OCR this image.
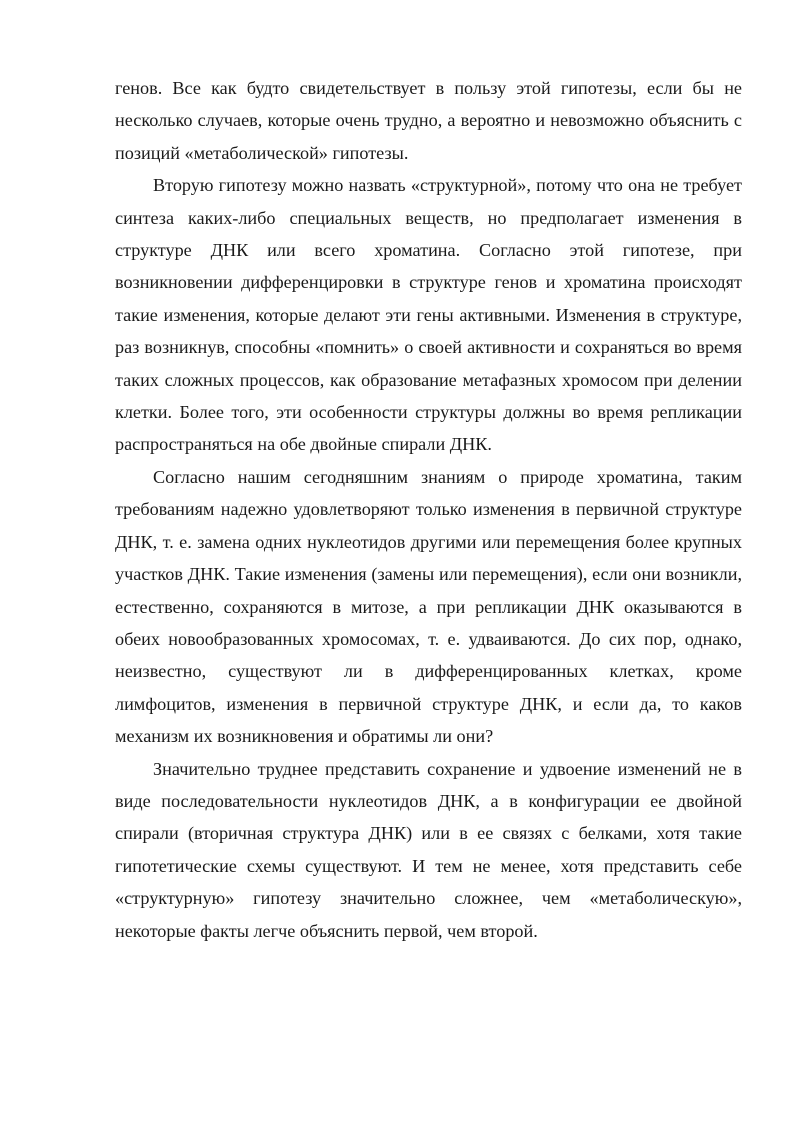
генов. Все как будто свидетельствует в пользу этой гипотезы, если бы не несколько случаев, которые очень трудно, а вероятно и невозможно объяснить с позиций «метаболической» гипотезы.

Вторую гипотезу можно назвать «структурной», потому что она не требует синтеза каких-либо специальных веществ, но предполагает изменения в структуре ДНК или всего хроматина. Согласно этой гипотезе, при возникновении дифференцировки в структуре генов и хроматина происходят такие изменения, которые делают эти гены активными. Изменения в структуре, раз возникнув, способны «помнить» о своей активности и сохраняться во время таких сложных процессов, как образование метафазных хромосом при делении клетки. Более того, эти особенности структуры должны во время репликации распространяться на обе двойные спирали ДНК.

Согласно нашим сегодняшним знаниям о природе хроматина, таким требованиям надежно удовлетворяют только изменения в первичной структуре ДНК, т. е. замена одних нуклеотидов другими или перемещения более крупных участков ДНК. Такие изменения (замены или перемещения), если они возникли, естественно, сохраняются в митозе, а при репликации ДНК оказываются в обеих новообразованных хромосомах, т. е. удваиваются. До сих пор, однако, неизвестно, существуют ли в дифференцированных клетках, кроме лимфоцитов, изменения в первичной структуре ДНК, и если да, то каков механизм их возникновения и обратимы ли они?

Значительно труднее представить сохранение и удвоение изменений не в виде последовательности нуклеотидов ДНК, а в конфигурации ее двойной спирали (вторичная структура ДНК) или в ее связях с белками, хотя такие гипотетические схемы существуют. И тем не менее, хотя представить себе «структурную» гипотезу значительно сложнее, чем «метаболическую», некоторые факты легче объяснить первой, чем второй.
